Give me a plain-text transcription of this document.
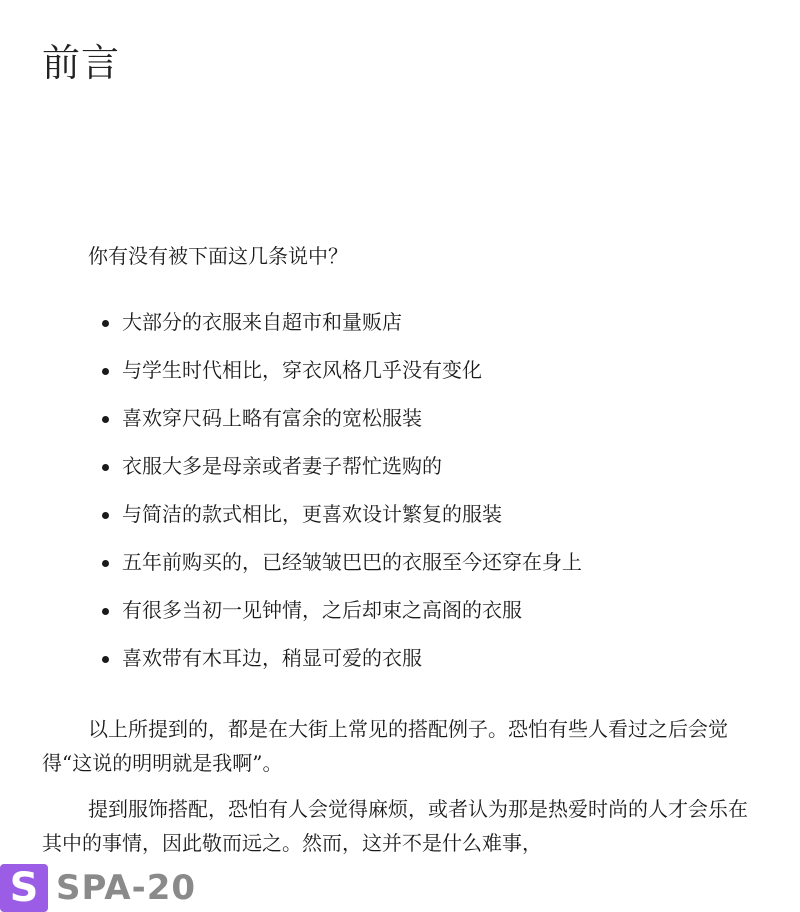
前言

你有没有被下面这几条说中？

大部分的衣服来自超市和量贩店
与学生时代相比，穿衣风格几乎没有变化
喜欢穿尺码上略有富余的宽松服装
衣服大多是母亲或者妻子帮忙选购的
与简洁的款式相比，更喜欢设计繁复的服装
五年前购买的，已经皱皱巴巴的衣服至今还穿在身上
有很多当初一见钟情，之后却束之高阁的衣服
喜欢带有木耳边，稍显可爱的衣服

以上所提到的，都是在大街上常见的搭配例子。恐怕有些人看过之后会觉得“这说的明明就是我啊”。

提到服饰搭配，恐怕有人会觉得麻烦，或者认为那是热爱时尚的人才会乐在其中的事情，因此敬而远之。然而，这并不是什么难事，

S SPA-20
